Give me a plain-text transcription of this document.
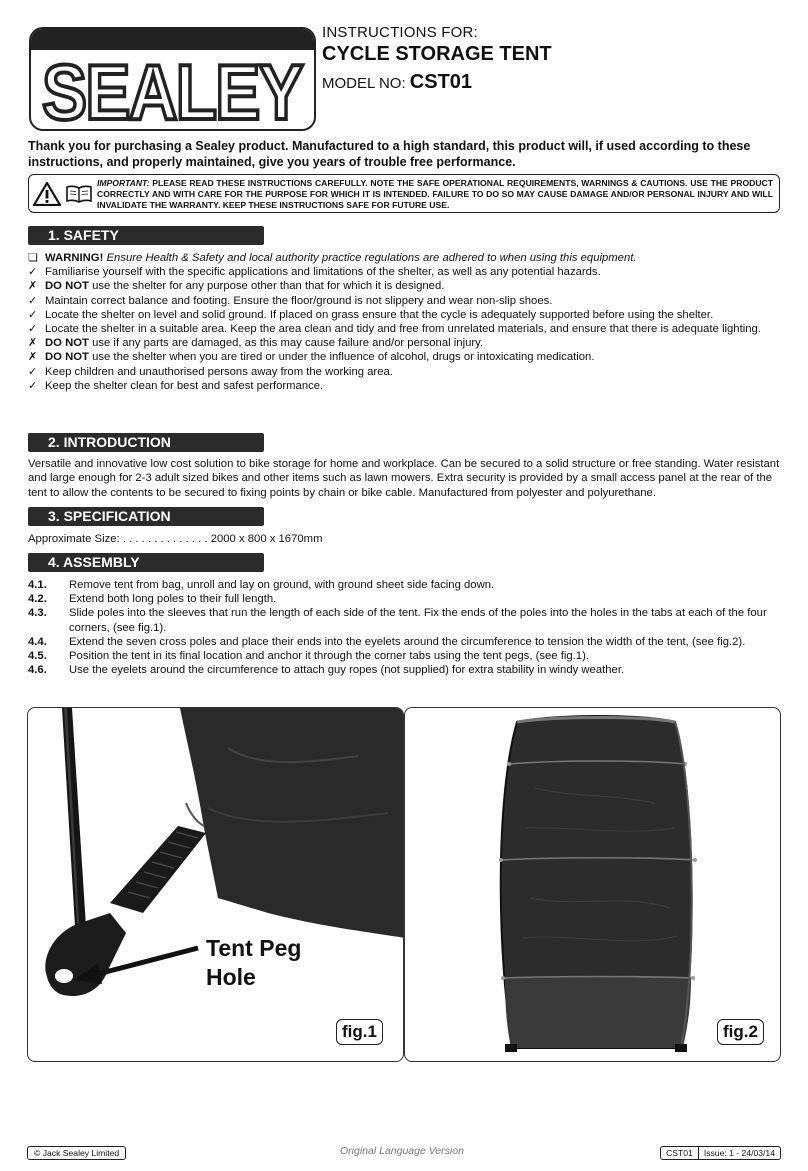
SEALEY
INSTRUCTIONS FOR:
CYCLE STORAGE TENT
MODEL NO: CST01
Thank you for purchasing a Sealey product. Manufactured to a high standard, this product will, if used according to these instructions, and properly maintained, give you years of trouble free performance.
IMPORTANT: PLEASE READ THESE INSTRUCTIONS CAREFULLY. NOTE THE SAFE OPERATIONAL REQUIREMENTS, WARNINGS & CAUTIONS. USE THE PRODUCT CORRECTLY AND WITH CARE FOR THE PURPOSE FOR WHICH IT IS INTENDED. FAILURE TO DO SO MAY CAUSE DAMAGE AND/OR PERSONAL INJURY AND WILL INVALIDATE THE WARRANTY. KEEP THESE INSTRUCTIONS SAFE FOR FUTURE USE.
1. SAFETY
❏ WARNING! Ensure Health & Safety and local authority practice regulations are adhered to when using this equipment.
✓ Familiarise yourself with the specific applications and limitations of the shelter, as well as any potential hazards.
✗ DO NOT use the shelter for any purpose other than that for which it is designed.
✓ Maintain correct balance and footing. Ensure the floor/ground is not slippery and wear non-slip shoes.
✓ Locate the shelter on level and solid ground. If placed on grass ensure that the cycle is adequately supported before using the shelter.
✓ Locate the shelter in a suitable area. Keep the area clean and tidy and free from unrelated materials, and ensure that there is adequate lighting.
✗ DO NOT use if any parts are damaged, as this may cause failure and/or personal injury.
✗ DO NOT use the shelter when you are tired or under the influence of alcohol, drugs or intoxicating medication.
✓ Keep children and unauthorised persons away from the working area.
✓ Keep the shelter clean for best and safest performance.
2. INTRODUCTION
Versatile and innovative low cost solution to bike storage for home and workplace. Can be secured to a solid structure or free standing. Water resistant and large enough for 2-3 adult sized bikes and other items such as lawn mowers. Extra security is provided by a small access panel at the rear of the tent to allow the contents to be secured to fixing points by chain or bike cable. Manufactured from polyester and polyurethane.
3. SPECIFICATION
Approximate Size: . . . . . . . . . . . . . . 2000 x 800 x 1670mm
4. ASSEMBLY
4.1.	Remove tent from bag, unroll and lay on ground, with ground sheet side facing down.
4.2.	Extend both long poles to their full length.
4.3.	Slide poles into the sleeves that run the length of each side of the tent. Fix the ends of the poles into the holes in the tabs at each of the four corners, (see fig.1).
4.4.	Extend the seven cross poles and place their ends into the eyelets around the circumference to tension the width of the tent, (see fig.2).
4.5.	Position the tent in its final location and anchor it through the corner tabs using the tent pegs, (see fig.1).
4.6.	Use the eyelets around the circumference to attach guy ropes (not supplied) for extra stability in windy weather.
Tent Peg
Hole
fig.1	fig.2
© Jack Sealey Limited	Original Language Version	CST01	Issue: 1 - 24/03/14
